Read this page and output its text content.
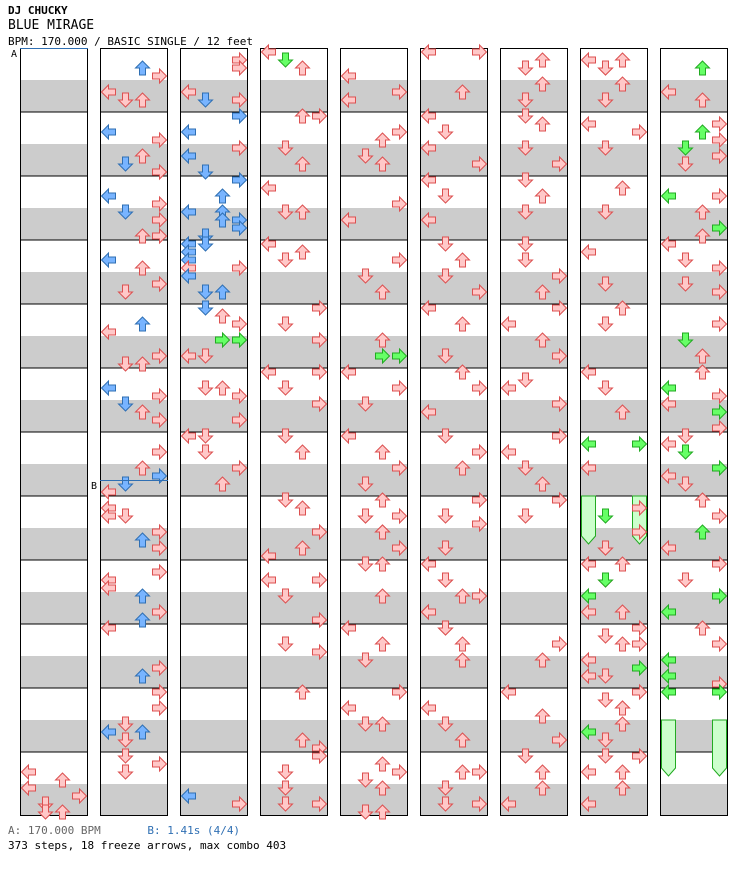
DJ CHUCKY
BLUE MIRAGE
BPM: 170.000 / BASIC SINGLE / 12 feet
A
B
A: 170.000 BPM	B: 1.41s (4/4)
373 steps, 18 freeze arrows, max combo 403
